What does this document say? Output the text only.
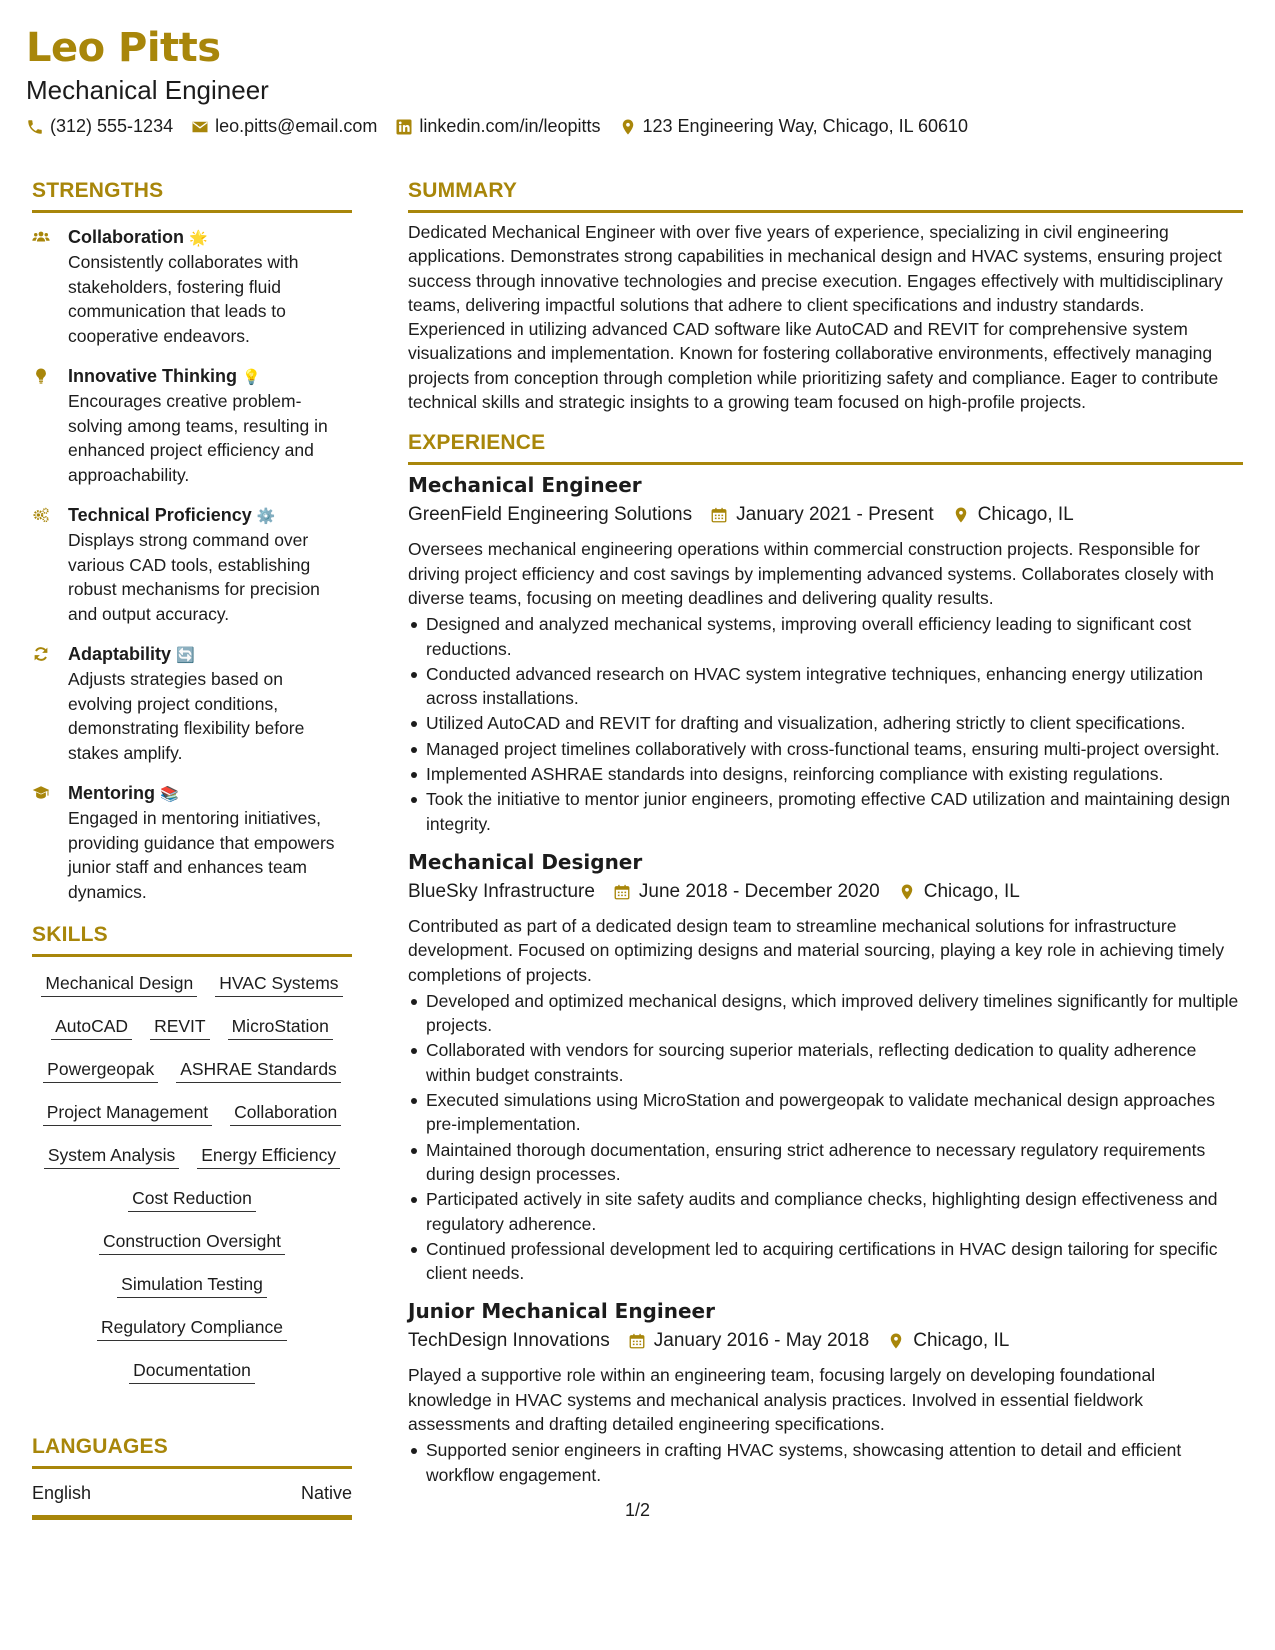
Leo Pitts
Mechanical Engineer
(312) 555-1234 leo.pitts@email.com linkedin.com/in/leopitts 123 Engineering Way, Chicago, IL 60610
STRENGTHS
Collaboration 🌟
Consistently collaborates with stakeholders, fostering fluid communication that leads to cooperative endeavors.
Innovative Thinking 💡
Encourages creative problem-solving among teams, resulting in enhanced project efficiency and approachability.
Technical Proficiency ⚙️
Displays strong command over various CAD tools, establishing robust mechanisms for precision and output accuracy.
Adaptability 🔄
Adjusts strategies based on evolving project conditions, demonstrating flexibility before stakes amplify.
Mentoring 📚
Engaged in mentoring initiatives, providing guidance that empowers junior staff and enhances team dynamics.
SKILLS
Mechanical Design HVAC Systems
AutoCAD REVIT MicroStation
Powergeopak ASHRAE Standards
Project Management Collaboration
System Analysis Energy Efficiency
Cost Reduction
Construction Oversight
Simulation Testing
Regulatory Compliance
Documentation
LANGUAGES
English	Native
SUMMARY
Dedicated Mechanical Engineer with over five years of experience, specializing in civil engineering applications. Demonstrates strong capabilities in mechanical design and HVAC systems, ensuring project success through innovative technologies and precise execution. Engages effectively with multidisciplinary teams, delivering impactful solutions that adhere to client specifications and industry standards. Experienced in utilizing advanced CAD software like AutoCAD and REVIT for comprehensive system visualizations and implementation. Known for fostering collaborative environments, effectively managing projects from conception through completion while prioritizing safety and compliance. Eager to contribute technical skills and strategic insights to a growing team focused on high-profile projects.
EXPERIENCE
Mechanical Engineer
GreenField Engineering Solutions January 2021 - Present Chicago, IL
Oversees mechanical engineering operations within commercial construction projects. Responsible for driving project efficiency and cost savings by implementing advanced systems. Collaborates closely with diverse teams, focusing on meeting deadlines and delivering quality results.
Designed and analyzed mechanical systems, improving overall efficiency leading to significant cost reductions.
Conducted advanced research on HVAC system integrative techniques, enhancing energy utilization across installations.
Utilized AutoCAD and REVIT for drafting and visualization, adhering strictly to client specifications.
Managed project timelines collaboratively with cross-functional teams, ensuring multi-project oversight.
Implemented ASHRAE standards into designs, reinforcing compliance with existing regulations.
Took the initiative to mentor junior engineers, promoting effective CAD utilization and maintaining design integrity.
Mechanical Designer
BlueSky Infrastructure June 2018 - December 2020 Chicago, IL
Contributed as part of a dedicated design team to streamline mechanical solutions for infrastructure development. Focused on optimizing designs and material sourcing, playing a key role in achieving timely completions of projects.
Developed and optimized mechanical designs, which improved delivery timelines significantly for multiple projects.
Collaborated with vendors for sourcing superior materials, reflecting dedication to quality adherence within budget constraints.
Executed simulations using MicroStation and powergeopak to validate mechanical design approaches pre-implementation.
Maintained thorough documentation, ensuring strict adherence to necessary regulatory requirements during design processes.
Participated actively in site safety audits and compliance checks, highlighting design effectiveness and regulatory adherence.
Continued professional development led to acquiring certifications in HVAC design tailoring for specific client needs.
Junior Mechanical Engineer
TechDesign Innovations January 2016 - May 2018 Chicago, IL
Played a supportive role within an engineering team, focusing largely on developing foundational knowledge in HVAC systems and mechanical analysis practices. Involved in essential fieldwork assessments and drafting detailed engineering specifications.
Supported senior engineers in crafting HVAC systems, showcasing attention to detail and efficient workflow engagement.
1/2
